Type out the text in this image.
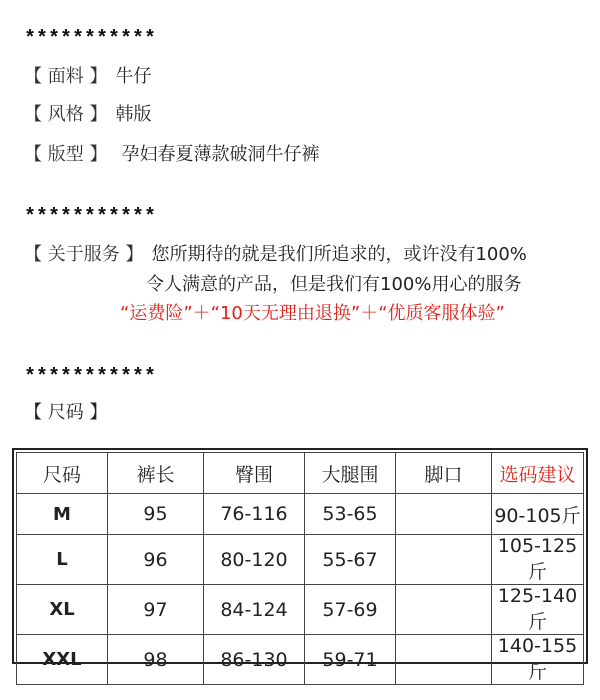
***********
【 面料 】 牛仔
【 风格 】 韩版
【 版型 】 孕妇春夏薄款破洞牛仔裤
***********
【 关于服务 】 您所期待的就是我们所追求的，或许没有100%
令人满意的产品，但是我们有100%用心的服务
“运费险”＋“10天无理由退换”＋“优质客服体验”
***********
【 尺码 】
尺码	裤长	臀围	大腿围	脚口	选码建议
M	95	76-116	53-65		90-105斤
L	96	80-120	55-67		105-125斤
XL	97	84-124	57-69		125-140斤
XXL	98	86-130	59-71		140-155斤
